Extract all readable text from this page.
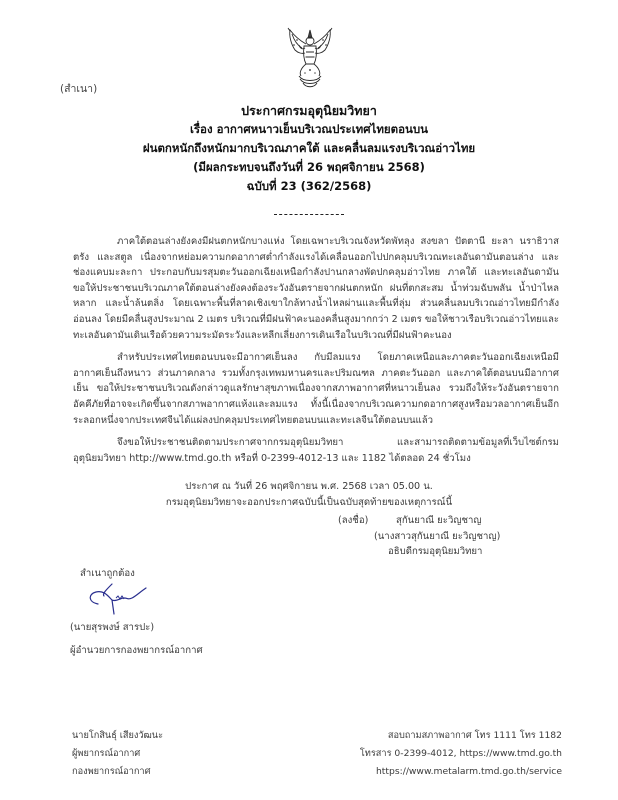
(สำเนา)
ประกาศกรมอุตุนิยมวิทยา
เรื่อง อากาศหนาวเย็นบริเวณประเทศไทยตอนบน
ฝนตกหนักถึงหนักมากบริเวณภาคใต้ และคลื่นลมแรงบริเวณอ่าวไทย
(มีผลกระทบจนถึงวันที่ 26 พฤศจิกายน 2568)
ฉบับที่ 23 (362/2568)

ภาคใต้ตอนล่างยังคงมีฝนตกหนักบางแห่ง โดยเฉพาะบริเวณจังหวัดพัทลุง สงขลา ปัตตานี ยะลา นราธิวาส ตรัง และสตูล เนื่องจากหย่อมความกดอากาศต่ำกำลังแรงได้เคลื่อนออกไปปกคลุมบริเวณทะเลอันดามันตอนล่าง และช่องแคบมะละกา ประกอบกับมรสุมตะวันออกเฉียงเหนือกำลังปานกลางพัดปกคลุมอ่าวไทย ภาคใต้ และทะเลอันดามัน ขอให้ประชาชนบริเวณภาคใต้ตอนล่างยังคงต้องระวังอันตรายจากฝนตกหนัก ฝนที่ตกสะสม น้ำท่วมฉับพลัน น้ำป่าไหลหลาก และน้ำล้นตลิ่ง โดยเฉพาะพื้นที่ลาดเชิงเขาใกล้ทางน้ำไหลผ่านและพื้นที่ลุ่ม ส่วนคลื่นลมบริเวณอ่าวไทยมีกำลังอ่อนลง โดยมีคลื่นสูงประมาณ 2 เมตร บริเวณที่มีฝนฟ้าคะนองคลื่นสูงมากกว่า 2 เมตร ขอให้ชาวเรือบริเวณอ่าวไทยและทะเลอันดามันเดินเรือด้วยความระมัดระวังและหลีกเลี่ยงการเดินเรือในบริเวณที่มีฝนฟ้าคะนอง

สำหรับประเทศไทยตอนบนจะมีอากาศเย็นลง กับมีลมแรง โดยภาคเหนือและภาคตะวันออกเฉียงเหนือมีอากาศเย็นถึงหนาว ส่วนภาคกลาง รวมทั้งกรุงเทพมหานครและปริมณฑล ภาคตะวันออก และภาคใต้ตอนบนมีอากาศเย็น ขอให้ประชาชนบริเวณดังกล่าวดูแลรักษาสุขภาพเนื่องจากสภาพอากาศที่หนาวเย็นลง รวมถึงให้ระวังอันตรายจากอัคคีภัยที่อาจจะเกิดขึ้นจากสภาพอากาศแห้งและลมแรง ทั้งนี้เนื่องจากบริเวณความกดอากาศสูงหรือมวลอากาศเย็นอีกระลอกหนึ่งจากประเทศจีนได้แผ่ลงปกคลุมประเทศไทยตอนบนและทะเลจีนใต้ตอนบนแล้ว

จึงขอให้ประชาชนติดตามประกาศจากกรมอุตุนิยมวิทยา และสามารถติดตามข้อมูลที่เว็บไซต์กรมอุตุนิยมวิทยา http://www.tmd.go.th หรือที่ 0-2399-4012-13 และ 1182 ได้ตลอด 24 ชั่วโมง

ประกาศ ณ วันที่ 26 พฤศจิกายน พ.ศ. 2568 เวลา 05.00 น.
กรมอุตุนิยมวิทยาจะออกประกาศฉบับนี้เป็นฉบับสุดท้ายของเหตุการณ์นี้
(ลงชื่อ)	สุกันยาณี ยะวิญชาญ
(นางสาวสุกันยาณี ยะวิญชาญ)
อธิบดีกรมอุตุนิยมวิทยา
สำเนาถูกต้อง
(นายสุรพงษ์ สารปะ)
ผู้อำนวยการกองพยากรณ์อากาศ
นายโกสินธุ์ เสียงวัฒนะ
ผู้พยากรณ์อากาศ
กองพยากรณ์อากาศ
สอบถามสภาพอากาศ โทร 1111 โทร 1182
โทรสาร 0-2399-4012, https://www.tmd.go.th
https://www.metalarm.tmd.go.th/service
